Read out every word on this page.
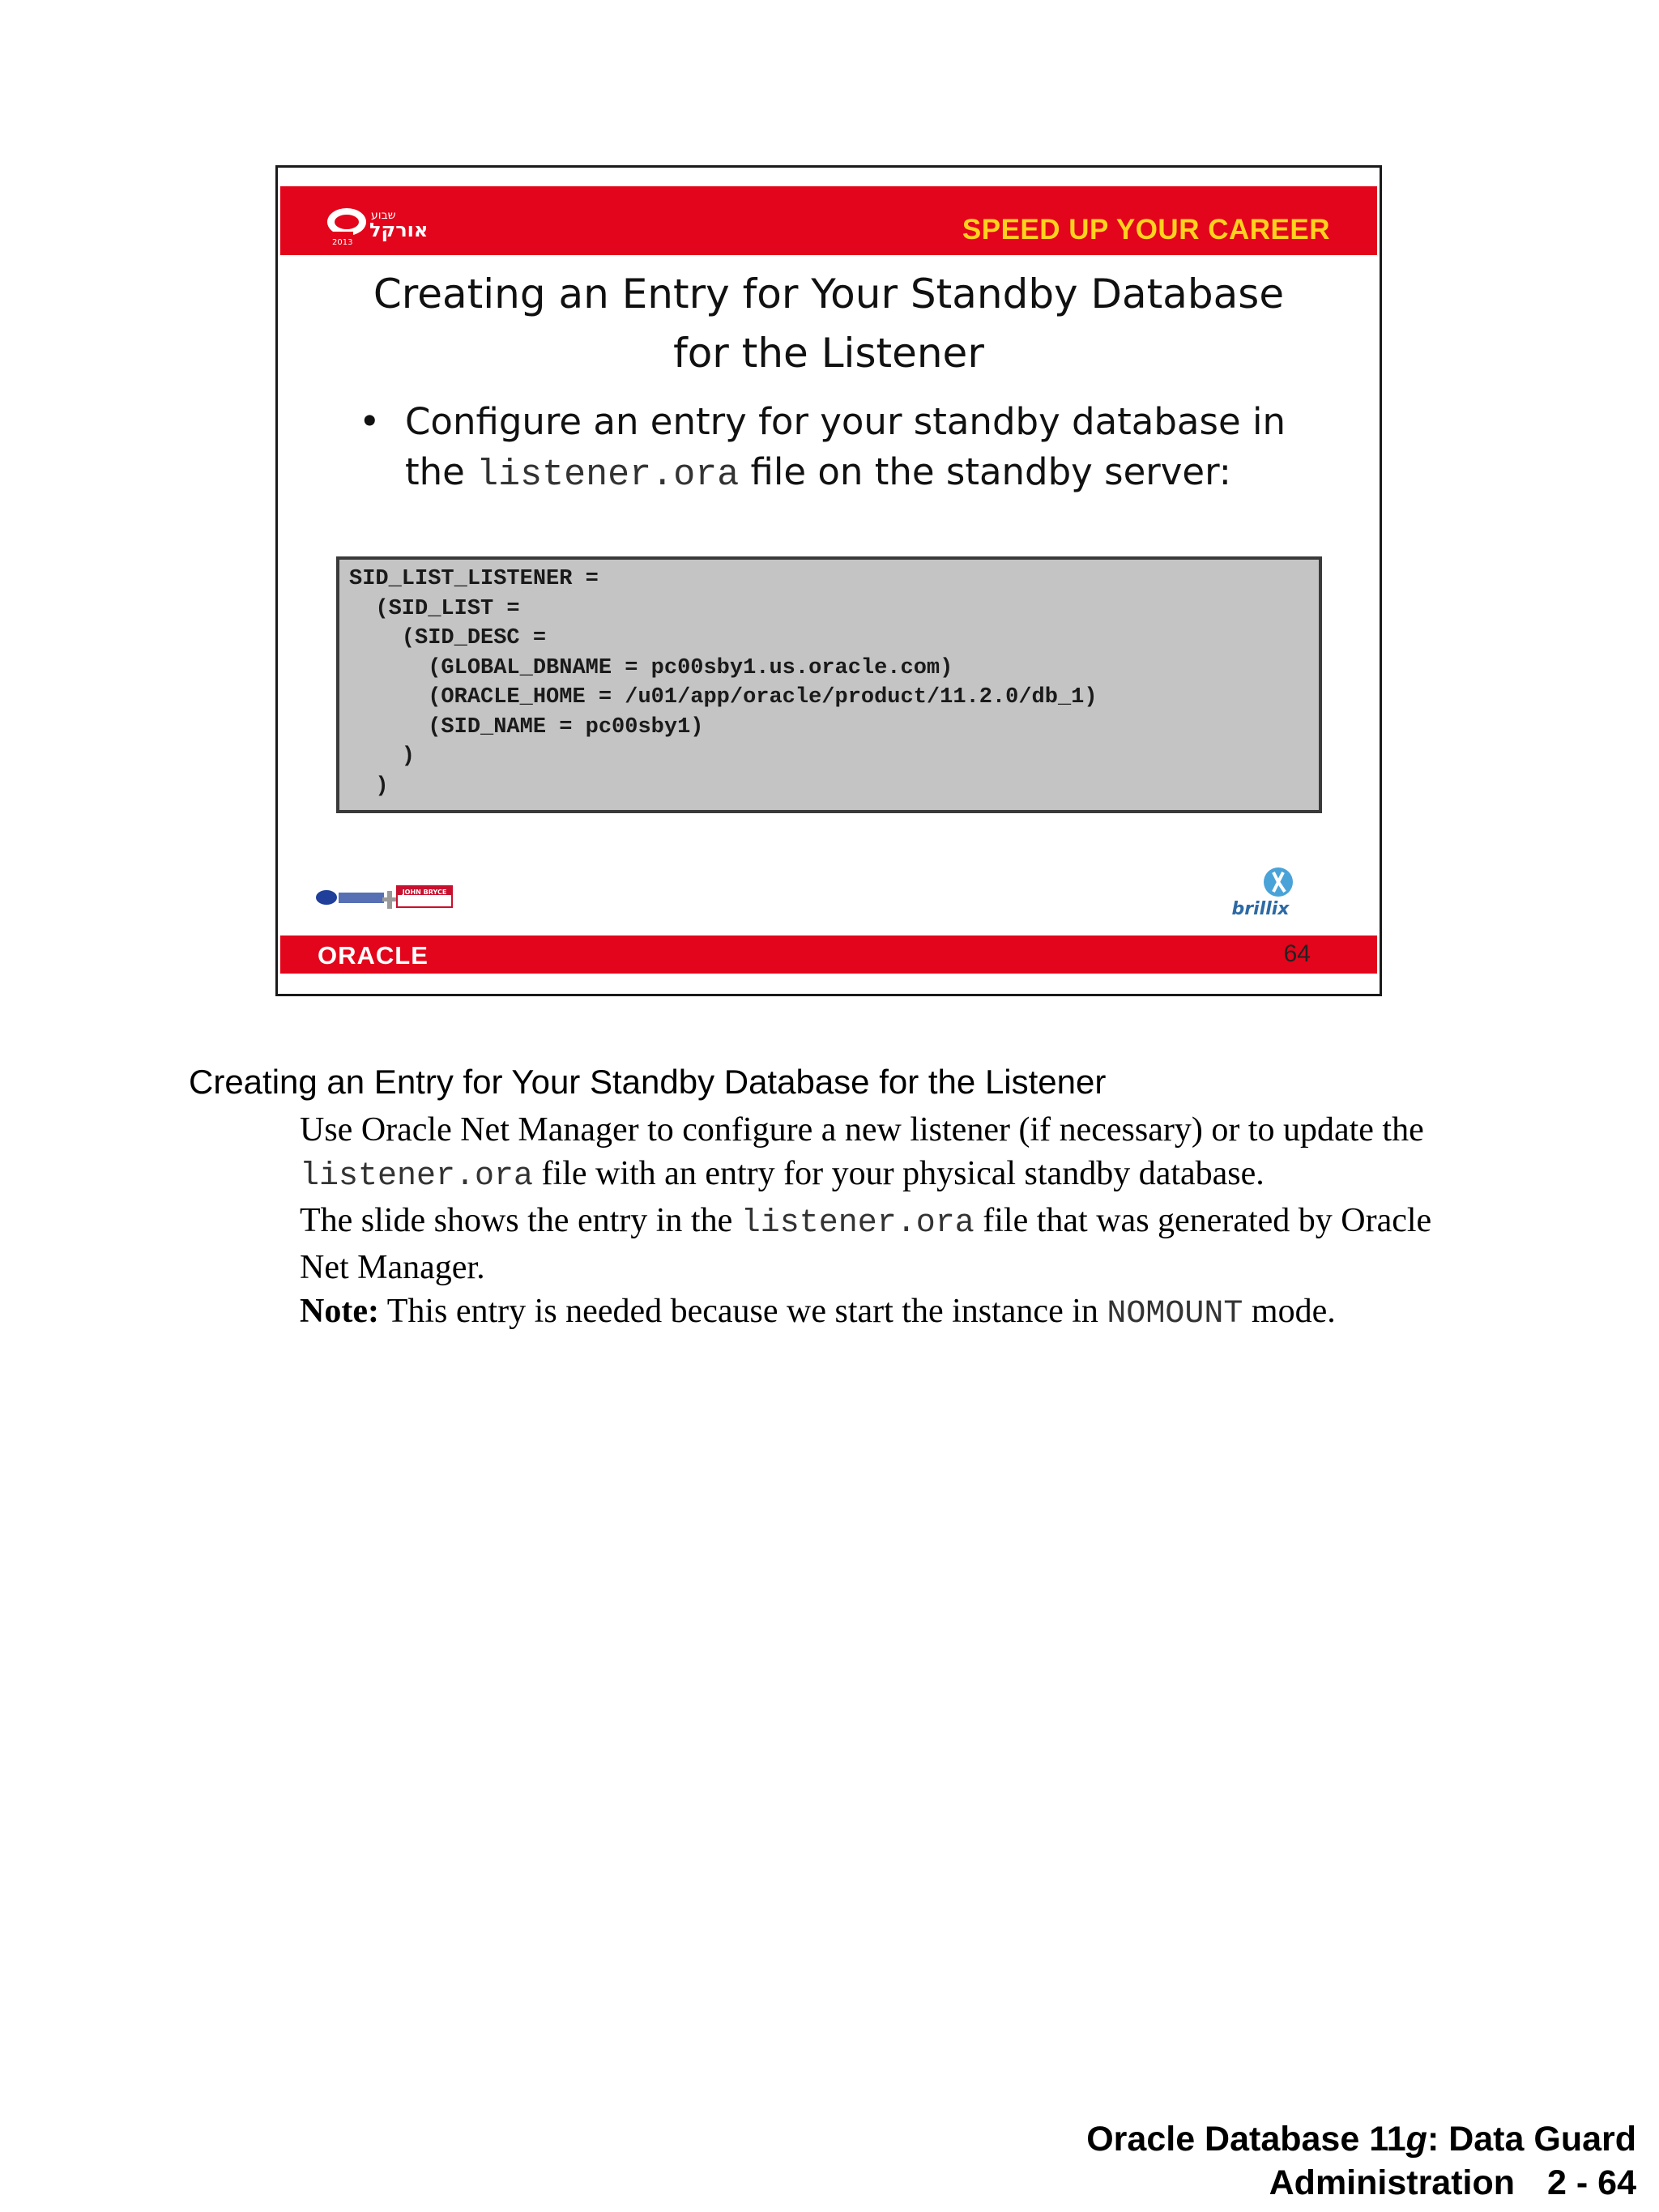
שבוע
אורקל
2013	SPEED UP YOUR CAREER
Creating an Entry for Your Standby Database
for the Listener
• Configure an entry for your standby database in the listener.ora file on the standby server:
SID_LIST_LISTENER =
(SID_LIST =
(SID_DESC =
(GLOBAL_DBNAME = pc00sby1.us.oracle.com)
(ORACLE_HOME = /u01/app/oracle/product/11.2.0/db_1)
(SID_NAME = pc00sby1)
)
)
JOHN BRYCE
brillix
ORACLE	64
Creating an Entry for Your Standby Database for the Listener

Use Oracle Net Manager to configure a new listener (if necessary) or to update the listener.ora file with an entry for your physical standby database.

The slide shows the entry in the listener.ora file that was generated by Oracle Net Manager.

Note: This entry is needed because we start the instance in NOMOUNT mode.

Oracle Database 11g: Data Guard
Administration 2 - 64
